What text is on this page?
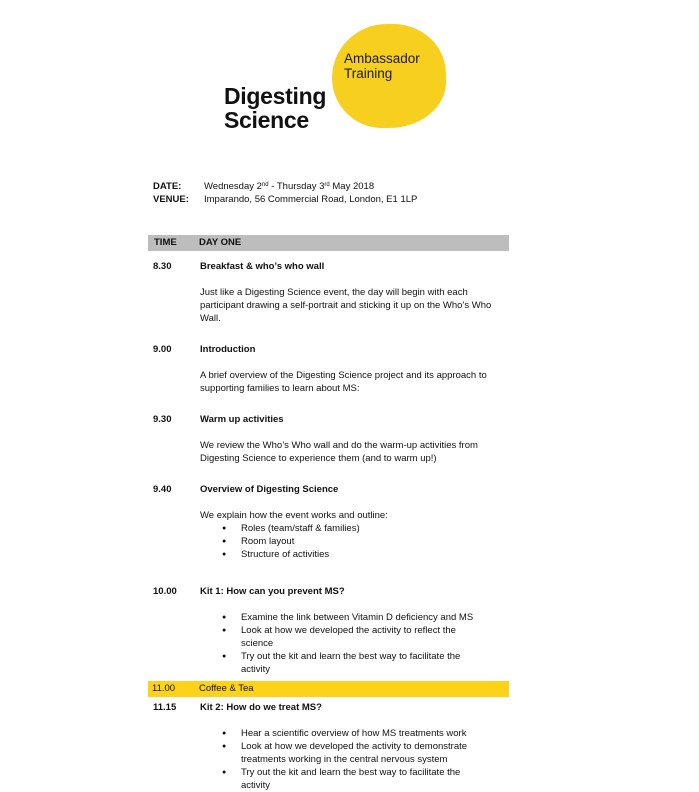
Ambassador
Training
Digesting
Science
DATE: Wednesday 2nd - Thursday 3rd May 2018
VENUE: Imparando, 56 Commercial Road, London, E1 1LP
TIME DAY ONE
8.30	Breakfast & who’s who wall
Just like a Digesting Science event, the day will begin with each participant drawing a self-portrait and sticking it up on the Who’s Who Wall.
9.00	Introduction
A brief overview of the Digesting Science project and its approach to supporting families to learn about MS:
9.30	Warm up activities
We review the Who’s Who wall and do the warm-up activities from Digesting Science to experience them (and to warm up!)
9.40	Overview of Digesting Science
We explain how the event works and outline:
● Roles (team/staff & families)
● Room layout
● Structure of activities
10.00 Kit 1: How can you prevent MS?
● Examine the link between Vitamin D deficiency and MS
● Look at how we developed the activity to reflect the science
● Try out the kit and learn the best way to facilitate the activity
11.00	Coffee & Tea
11.15	Kit 2: How do we treat MS?
● Hear a scientific overview of how MS treatments work
● Look at how we developed the activity to demonstrate treatments working in the central nervous system
● Try out the kit and learn the best way to facilitate the activity
